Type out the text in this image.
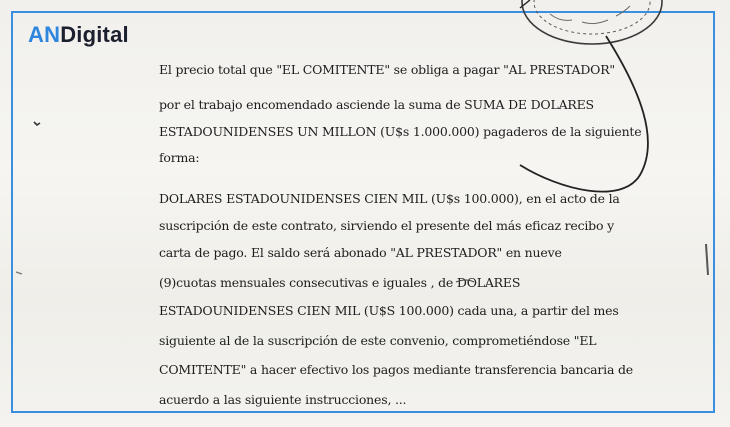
ANDigital

El precio total que "EL COMITENTE" se obliga a pagar "AL PRESTADOR"

por el trabajo encomendado asciende la suma de SUMA DE DOLARES

ESTADOUNIDENSES UN MILLON (U$s 1.000.000) pagaderos de la siguiente

forma:

DOLARES ESTADOUNIDENSES CIEN MIL (U$s 100.000), en el acto de la

suscripción de este contrato, sirviendo el presente del más eficaz recibo y

carta de pago. El saldo será abonado "AL PRESTADOR" en nueve

(9)cuotas mensuales consecutivas e iguales , de DOLARES

ESTADOUNIDENSES CIEN MIL (U$S 100.000) cada una, a partir del mes

siguiente al de la suscripción de este convenio, comprometiéndose "EL

COMITENTE" a hacer efectivo los pagos mediante transferencia bancaria de

acuerdo a las siguiente instrucciones, ...
